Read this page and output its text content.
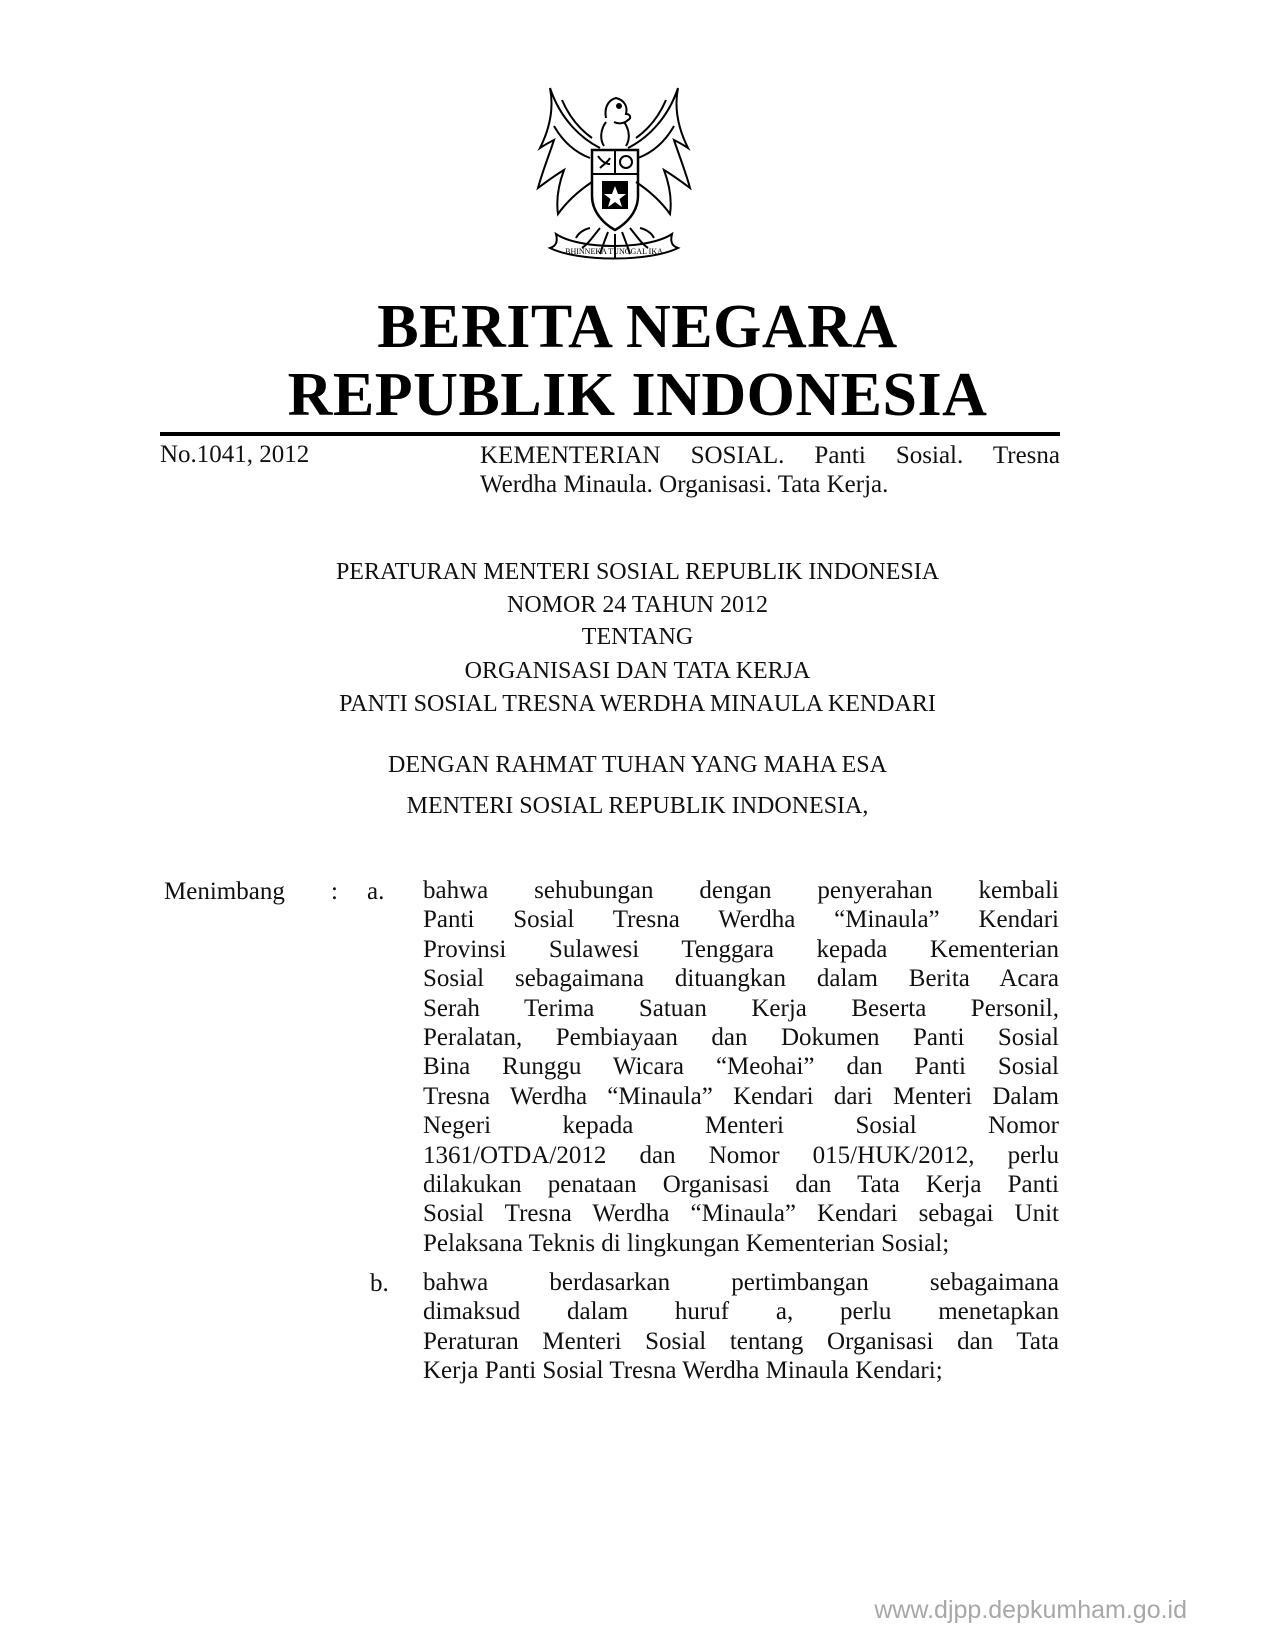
BHINNEKA TUNGGAL IKA
BERITA NEGARA
REPUBLIK INDONESIA
No.1041, 2012	KEMENTERIAN SOSIAL. Panti Sosial. Tresna
Werdha Minaula. Organisasi. Tata Kerja.
PERATURAN MENTERI SOSIAL REPUBLIK INDONESIA
NOMOR 24 TAHUN 2012
TENTANG
ORGANISASI DAN TATA KERJA
PANTI SOSIAL TRESNA WERDHA MINAULA KENDARI
DENGAN RAHMAT TUHAN YANG MAHA ESA
MENTERI SOSIAL REPUBLIK INDONESIA,
Menimbang : a. bahwa sehubungan dengan penyerahan kembali
Panti Sosial Tresna Werdha “Minaula” Kendari
Provinsi Sulawesi Tenggara kepada Kementerian
Sosial sebagaimana dituangkan dalam Berita Acara
Serah Terima Satuan Kerja Beserta Personil,
Peralatan, Pembiayaan dan Dokumen Panti Sosial
Bina Runggu Wicara “Meohai” dan Panti Sosial
Tresna Werdha “Minaula” Kendari dari Menteri Dalam
Negeri kepada Menteri Sosial Nomor
1361/OTDA/2012 dan Nomor 015/HUK/2012, perlu
dilakukan penataan Organisasi dan Tata Kerja Panti
Sosial Tresna Werdha “Minaula” Kendari sebagai Unit
Pelaksana Teknis di lingkungan Kementerian Sosial;
b. bahwa berdasarkan pertimbangan sebagaimana
dimaksud dalam huruf a, perlu menetapkan
Peraturan Menteri Sosial tentang Organisasi dan Tata
Kerja Panti Sosial Tresna Werdha Minaula Kendari;
www.djpp.depkumham.go.id
